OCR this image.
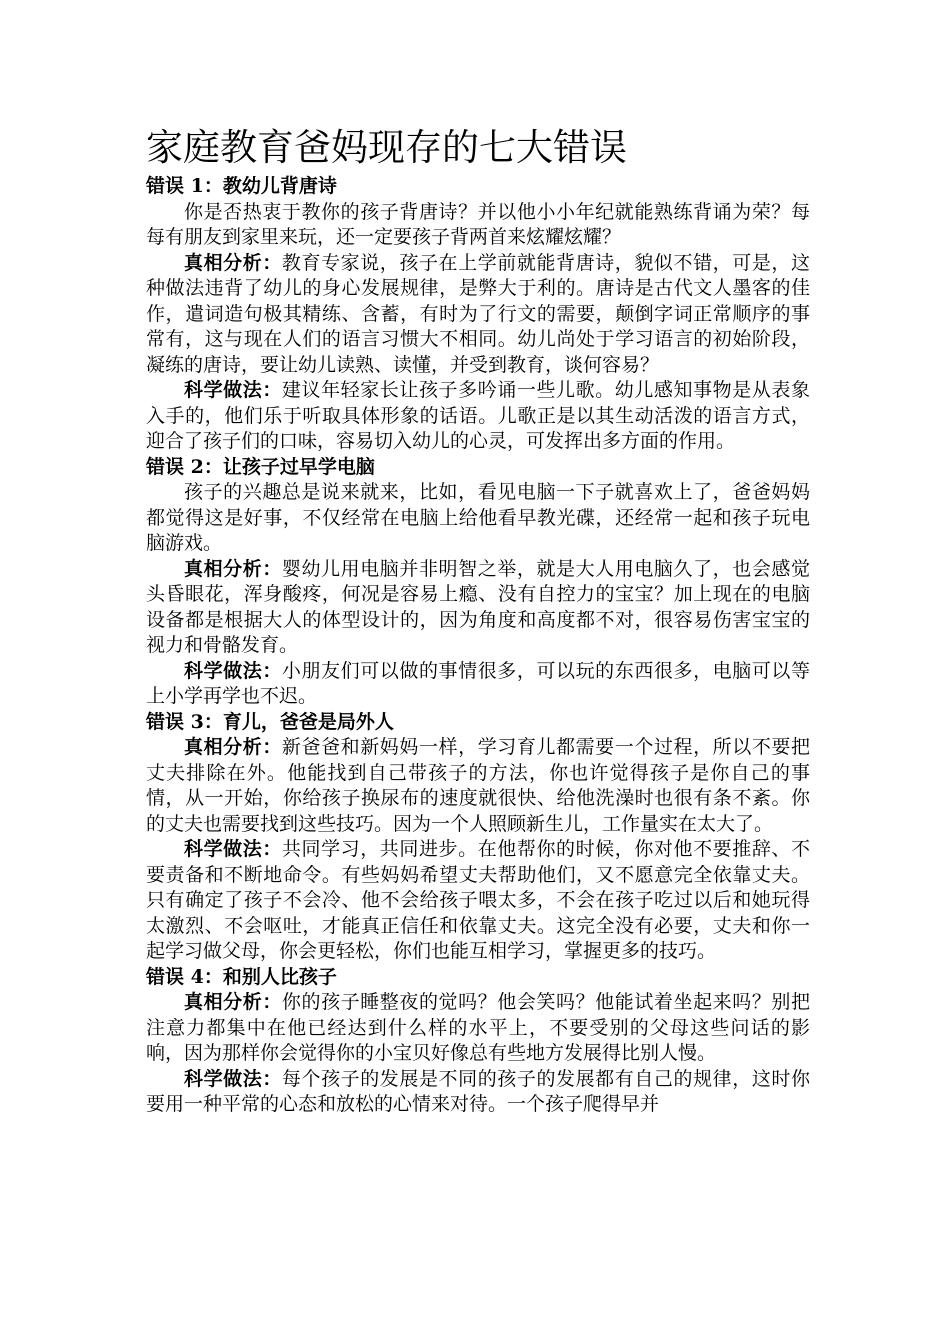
家庭教育爸妈现存的七大错误

错误 1：教幼儿背唐诗

你是否热衷于教你的孩子背唐诗？并以他小小年纪就能熟练背诵为荣？每每有朋友到家里来玩，还一定要孩子背两首来炫耀炫耀？

真相分析：教育专家说，孩子在上学前就能背唐诗，貌似不错，可是，这种做法违背了幼儿的身心发展规律，是弊大于利的。唐诗是古代文人墨客的佳作，遣词造句极其精练、含蓄，有时为了行文的需要，颠倒字词正常顺序的事常有，这与现在人们的语言习惯大不相同。幼儿尚处于学习语言的初始阶段，凝练的唐诗，要让幼儿读熟、读懂，并受到教育，谈何容易？

科学做法：建议年轻家长让孩子多吟诵一些儿歌。幼儿感知事物是从表象入手的，他们乐于听取具体形象的话语。儿歌正是以其生动活泼的语言方式，迎合了孩子们的口味，容易切入幼儿的心灵，可发挥出多方面的作用。

错误 2：让孩子过早学电脑

孩子的兴趣总是说来就来，比如，看见电脑一下子就喜欢上了，爸爸妈妈都觉得这是好事，不仅经常在电脑上给他看早教光碟，还经常一起和孩子玩电脑游戏。

真相分析：婴幼儿用电脑并非明智之举，就是大人用电脑久了，也会感觉头昏眼花，浑身酸疼，何况是容易上瘾、没有自控力的宝宝？加上现在的电脑设备都是根据大人的体型设计的，因为角度和高度都不对，很容易伤害宝宝的视力和骨骼发育。

科学做法：小朋友们可以做的事情很多，可以玩的东西很多，电脑可以等上小学再学也不迟。

错误 3：育儿，爸爸是局外人

真相分析：新爸爸和新妈妈一样，学习育儿都需要一个过程，所以不要把丈夫排除在外。他能找到自己带孩子的方法，你也许觉得孩子是你自己的事情，从一开始，你给孩子换尿布的速度就很快、给他洗澡时也很有条不紊。你的丈夫也需要找到这些技巧。因为一个人照顾新生儿，工作量实在太大了。

科学做法：共同学习，共同进步。在他帮你的时候，你对他不要推辞、不要责备和不断地命令。有些妈妈希望丈夫帮助他们，又不愿意完全依靠丈夫。只有确定了孩子不会冷、他不会给孩子喂太多，不会在孩子吃过以后和她玩得太激烈、不会呕吐，才能真正信任和依靠丈夫。这完全没有必要，丈夫和你一起学习做父母，你会更轻松，你们也能互相学习，掌握更多的技巧。

错误 4：和别人比孩子

真相分析：你的孩子睡整夜的觉吗？他会笑吗？他能试着坐起来吗？别把注意力都集中在他已经达到什么样的水平上，不要受别的父母这些问话的影响，因为那样你会觉得你的小宝贝好像总有些地方发展得比别人慢。

科学做法：每个孩子的发展是不同的孩子的发展都有自己的规律，这时你要用一种平常的心态和放松的心情来对待。一个孩子爬得早并
